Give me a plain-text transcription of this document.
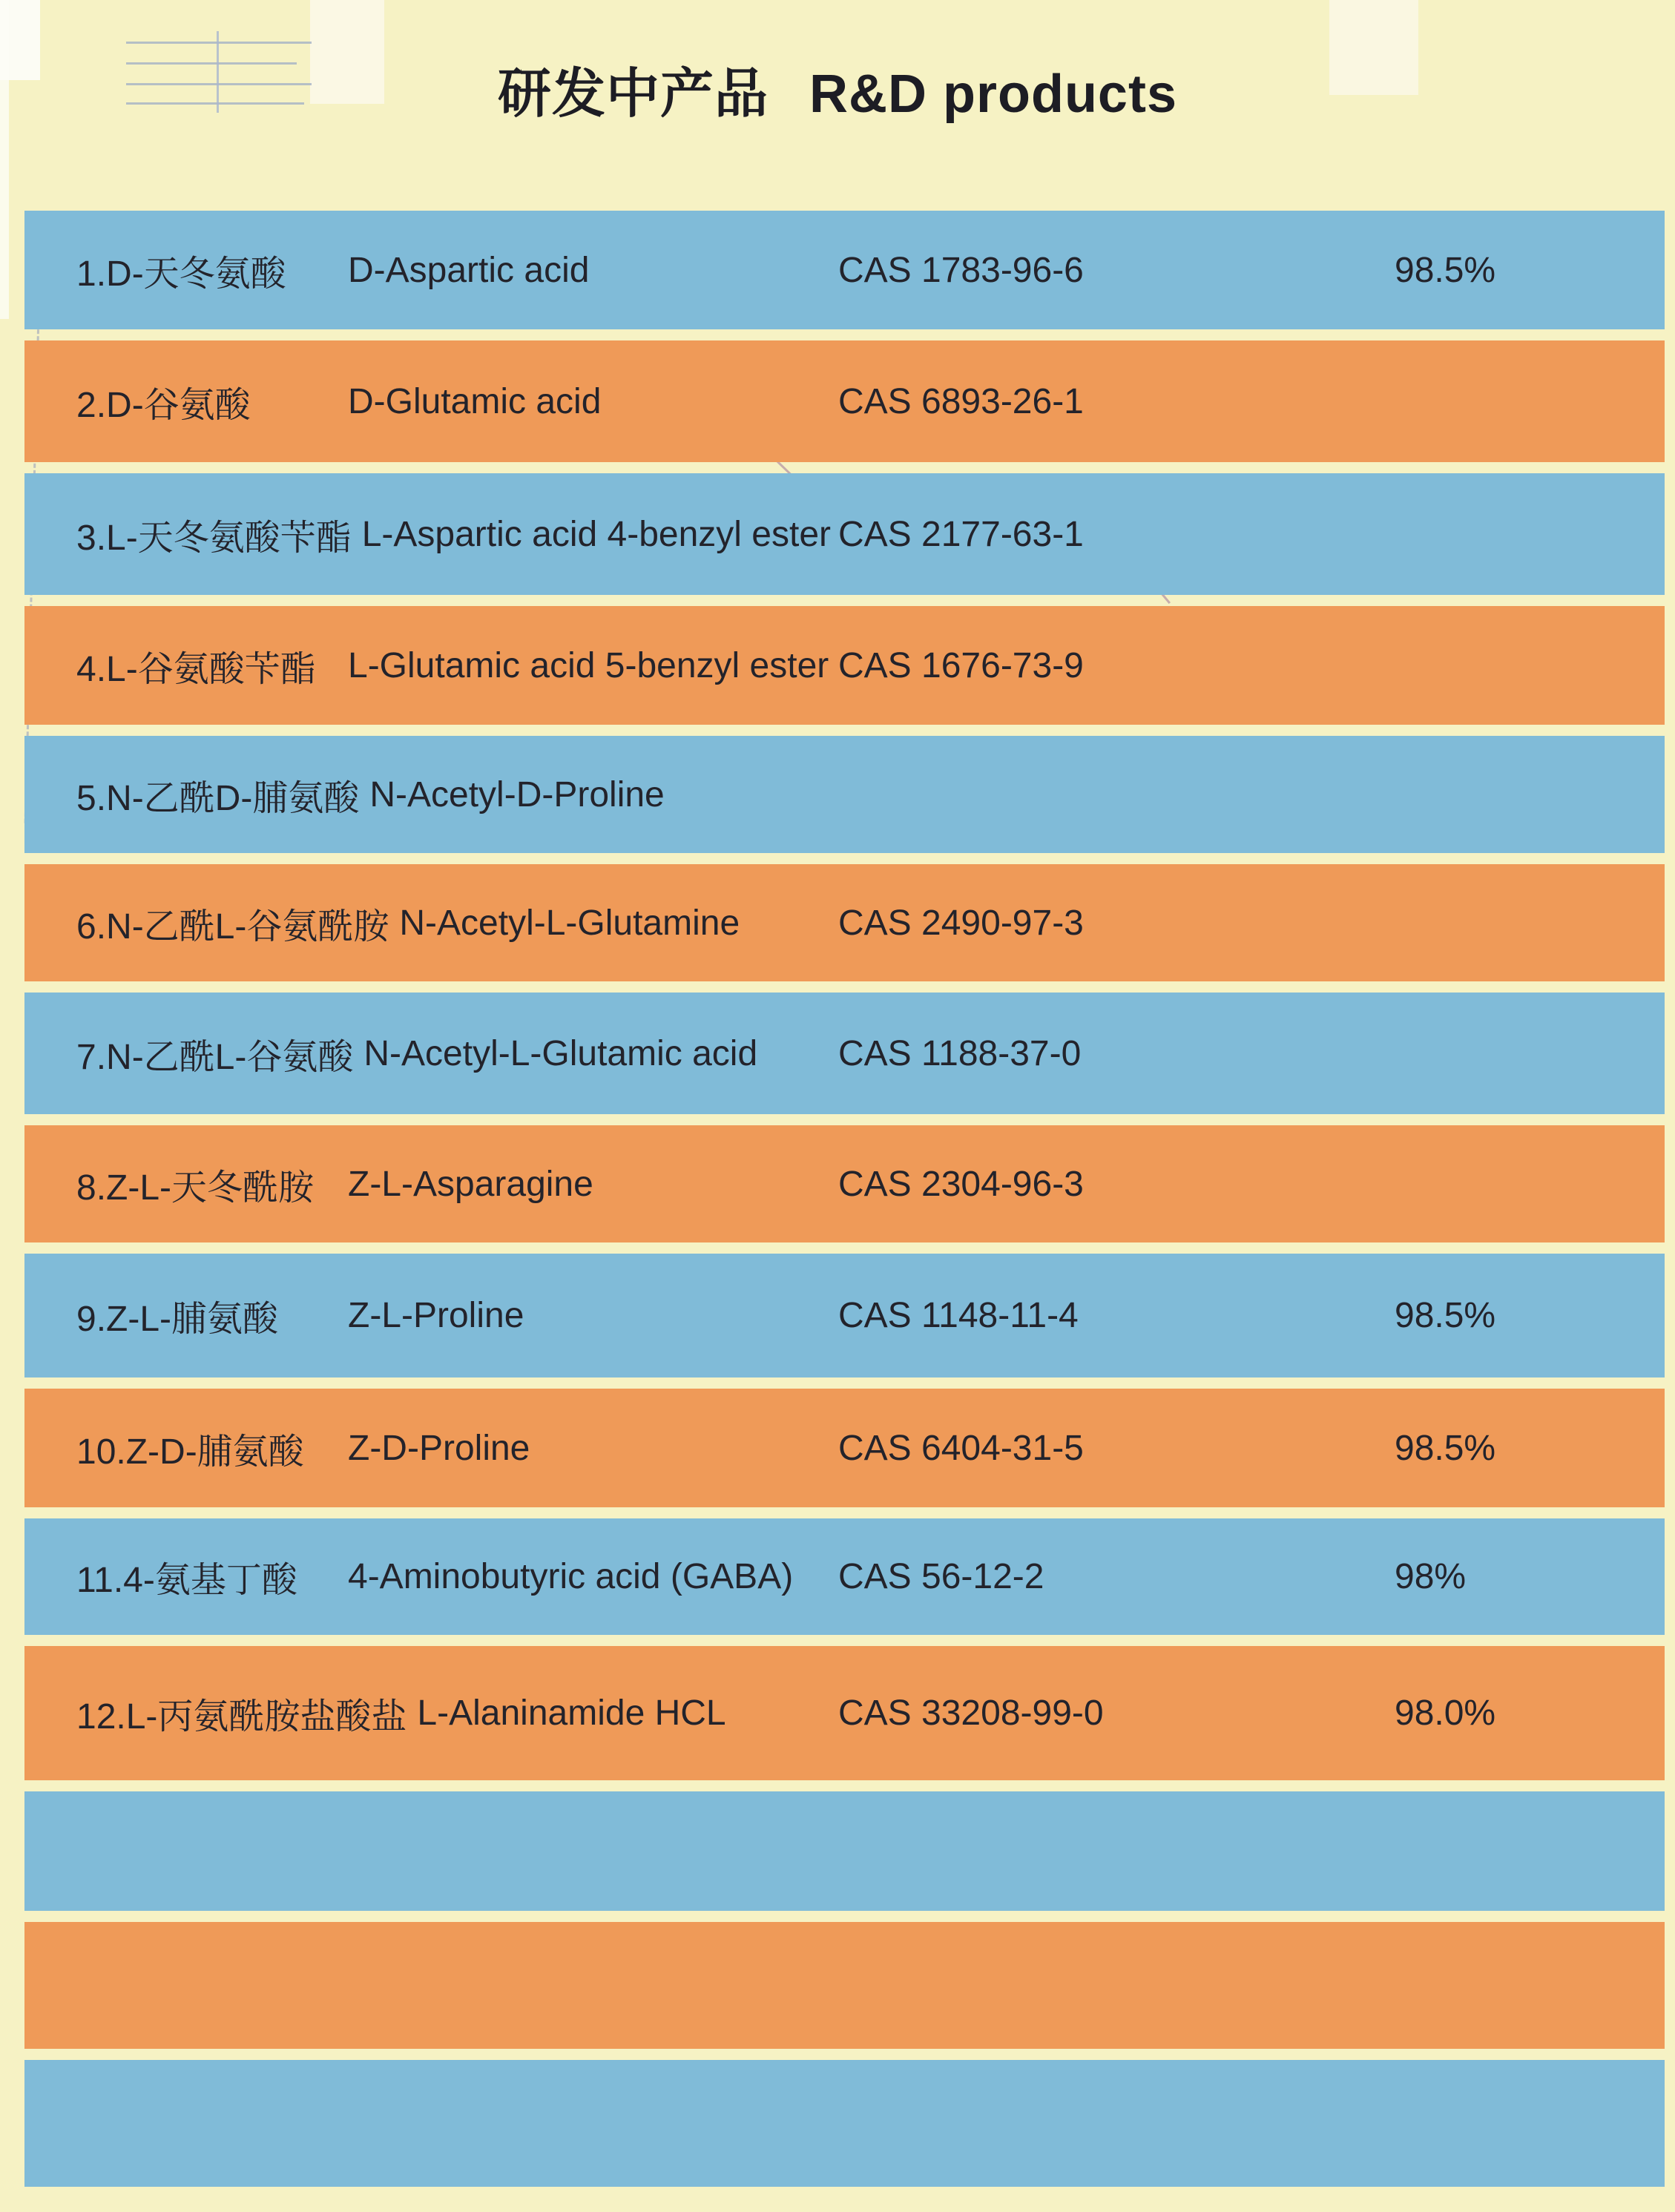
研发中产品 R&D products
1.D-天冬氨酸	D-Aspartic acid	CAS 1783-96-6	98.5%
2.D-谷氨酸	D-Glutamic acid	CAS 6893-26-1
3.L-天冬氨酸苄酯 L-Aspartic acid 4-benzyl ester CAS 2177-63-1
4.L-谷氨酸苄酯 L-Glutamic acid 5-benzyl ester CAS 1676-73-9
5.N-乙酰D-脯氨酸 N-Acetyl-D-Proline
6.N-乙酰L-谷氨酰胺 N-Acetyl-L-Glutamine	CAS 2490-97-3
7.N-乙酰L-谷氨酸 N-Acetyl-L-Glutamic acid CAS 1188-37-0
8.Z-L-天冬酰胺 Z-L-Asparagine	CAS 2304-96-3
9.Z-L-脯氨酸	Z-L-Proline	CAS 1148-11-4	98.5%
10.Z-D-脯氨酸	Z-D-Proline	CAS 6404-31-5	98.5%
11.4-氨基丁酸	4-Aminobutyric acid (GABA) CAS 56-12-2	98%
12.L-丙氨酰胺盐酸盐 L-Alaninamide HCL	CAS 33208-99-0	98.0%
